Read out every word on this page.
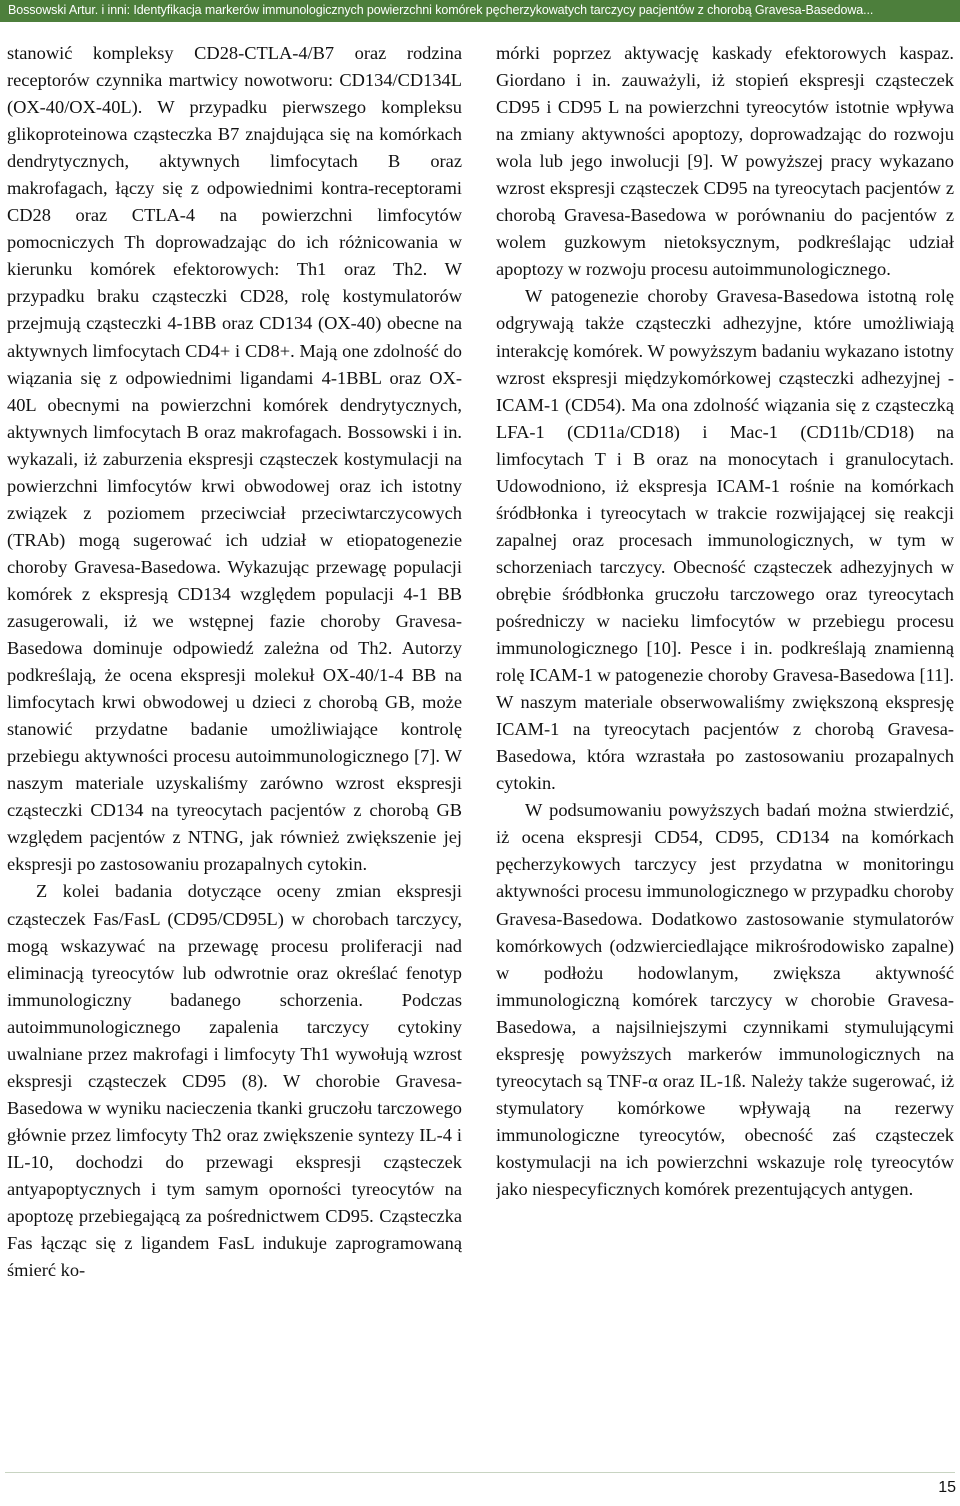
Bossowski Artur. i inni: Identyfikacja markerów immunologicznych powierzchni komórek pęcherzykowatych tarczycy pacjentów z chorobą Gravesa-Basedowa...

stanowić kompleksy CD28-CTLA-4/B7 oraz rodzina receptorów czynnika martwicy nowotworu: CD134/CD134L (OX-40/OX-40L). W przypadku pierwszego kompleksu glikoproteinowa cząsteczka B7 znajdująca się na komórkach dendrytycznych, aktywnych limfocytach B oraz makrofagach, łączy się z odpowiednimi kontra-receptorami CD28 oraz CTLA-4 na powierzchni limfocytów pomocniczych Th doprowadzając do ich różnicowania w kierunku komórek efektorowych: Th1 oraz Th2. W przypadku braku cząsteczki CD28, rolę kostymulatorów przejmują cząsteczki 4-1BB oraz CD134 (OX-40) obecne na aktywnych limfocytach CD4+ i CD8+. Mają one zdolność do wiązania się z odpowiednimi ligandami 4-1BBL oraz OX-40L obecnymi na powierzchni komórek dendrytycznych, aktywnych limfocytach B oraz makrofagach. Bossowski i in. wykazali, iż zaburzenia ekspresji cząsteczek kostymulacji na powierzchni limfocytów krwi obwodowej oraz ich istotny związek z poziomem przeciwciał przeciwtarczycowych (TRAb) mogą sugerować ich udział w etiopatogenezie choroby Gravesa-Basedowa. Wykazując przewagę populacji komórek z ekspresją CD134 względem populacji 4-1 BB zasugerowali, iż we wstępnej fazie choroby Gravesa-Basedowa dominuje odpowiedź zależna od Th2. Autorzy podkreślają, że ocena ekspresji molekuł OX-40/1-4 BB na limfocytach krwi obwodowej u dzieci z chorobą GB, może stanowić przydatne badanie umożliwiające kontrolę przebiegu aktywności procesu autoimmunologicznego [7]. W naszym materiale uzyskaliśmy zarówno wzrost ekspresji cząsteczki CD134 na tyreocytach pacjentów z chorobą GB względem pacjentów z NTNG, jak również zwiększenie jej ekspresji po zastosowaniu prozapalnych cytokin.

Z kolei badania dotyczące oceny zmian ekspresji cząsteczek Fas/FasL (CD95/CD95L) w chorobach tarczycy, mogą wskazywać na przewagę procesu proliferacji nad eliminacją tyreocytów lub odwrotnie oraz określać fenotyp immunologiczny badanego schorzenia. Podczas autoimmunologicznego zapalenia tarczycy cytokiny uwalniane przez makrofagi i limfocyty Th1 wywołują wzrost ekspresji cząsteczek CD95 (8). W chorobie Gravesa-Basedowa w wyniku nacieczenia tkanki gruczołu tarczowego głównie przez limfocyty Th2 oraz zwiększenie syntezy IL-4 i IL-10, dochodzi do przewagi ekspresji cząsteczek antyapoptycznych i tym samym oporności tyreocytów na apoptozę przebiegającą za pośrednictwem CD95. Cząsteczka Fas łącząc się z ligandem FasL indukuje zaprogramowaną śmierć ko-

mórki poprzez aktywację kaskady efektorowych kaspaz. Giordano i in. zauważyli, iż stopień ekspresji cząsteczek CD95 i CD95 L na powierzchni tyreocytów istotnie wpływa na zmiany aktywności apoptozy, doprowadzając do rozwoju wola lub jego inwolucji [9]. W powyższej pracy wykazano wzrost ekspresji cząsteczek CD95 na tyreocytach pacjentów z chorobą Gravesa-Basedowa w porównaniu do pacjentów z wolem guzkowym nietoksycznym, podkreślając udział apoptozy w rozwoju procesu autoimmunologicznego.

W patogenezie choroby Gravesa-Basedowa istotną rolę odgrywają także cząsteczki adhezyjne, które umożliwiają interakcję komórek. W powyższym badaniu wykazano istotny wzrost ekspresji międzykomórkowej cząsteczki adhezyjnej -ICAM-1 (CD54). Ma ona zdolność wiązania się z cząsteczką LFA-1 (CD11a/CD18) i Mac-1 (CD11b/CD18) na limfocytach T i B oraz na monocytach i granulocytach. Udowodniono, iż ekspresja ICAM-1 rośnie na komórkach śródbłonka i tyreocytach w trakcie rozwijającej się reakcji zapalnej oraz procesach immunologicznych, w tym w schorzeniach tarczycy. Obecność cząsteczek adhezyjnych w obrębie śródbłonka gruczołu tarczowego oraz tyreocytach pośredniczy w nacieku limfocytów w przebiegu procesu immunologicznego [10]. Pesce i in. podkreślają znamienną rolę ICAM-1 w patogenezie choroby Gravesa-Basedowa [11]. W naszym materiale obserwowaliśmy zwiększoną ekspresję ICAM-1 na tyreocytach pacjentów z chorobą Gravesa-Basedowa, która wzrastała po zastosowaniu prozapalnych cytokin.

W podsumowaniu powyższych badań można stwierdzić, iż ocena ekspresji CD54, CD95, CD134 na komórkach pęcherzykowych tarczycy jest przydatna w monitoringu aktywności procesu immunologicznego w przypadku choroby Gravesa-Basedowa. Dodatkowo zastosowanie stymulatorów komórkowych (odzwierciedlające mikrośrodowisko zapalne) w podłożu hodowlanym, zwiększa aktywność immunologiczną komórek tarczycy w chorobie Gravesa-Basedowa, a najsilniejszymi czynnikami stymulującymi ekspresję powyższych markerów immunologicznych na tyreocytach są TNF-α oraz IL-1ß. Należy także sugerować, iż stymulatory komórkowe wpływają na rezerwy immunologiczne tyreocytów, obecność zaś cząsteczek kostymulacji na ich powierzchni wskazuje rolę tyreocytów jako niespecyficznych komórek prezentujących antygen.

15
